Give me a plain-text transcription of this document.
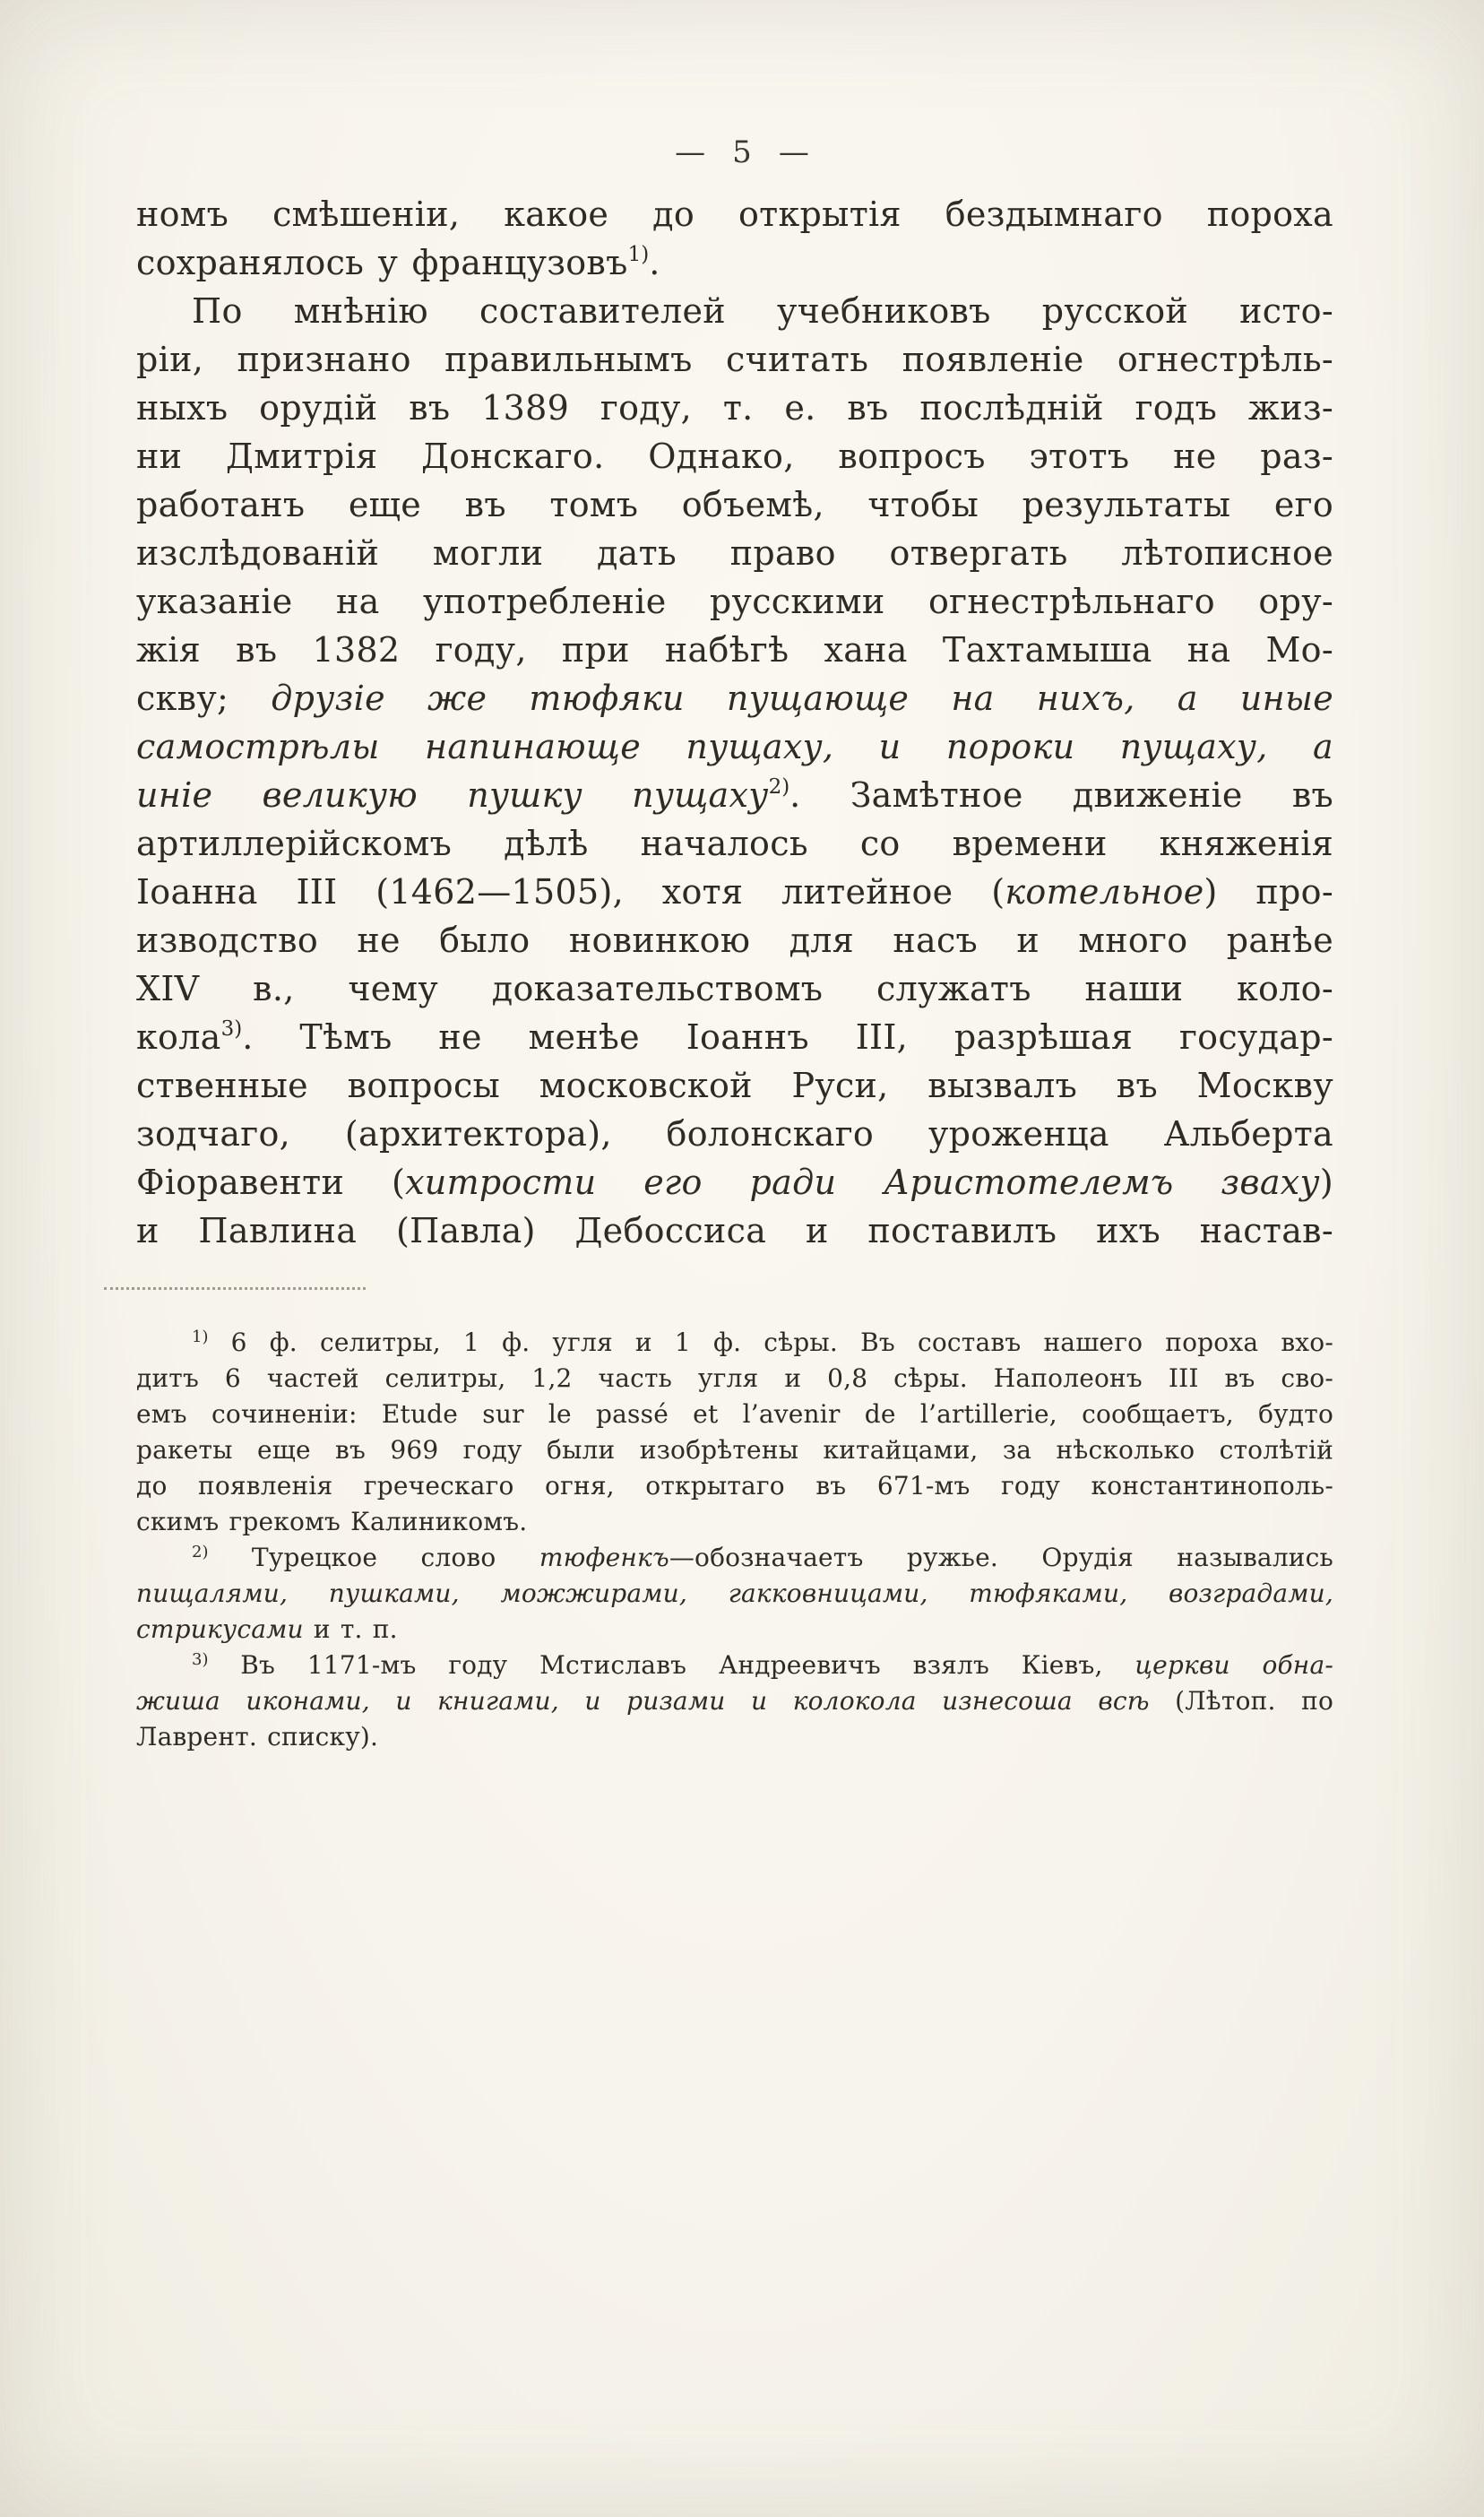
— 5 —
номъ смѣшеніи, какое до открытія бездымнаго пороха
сохранялось у французовъ$^{1)}$.
По мнѣнію составителей учебниковъ русской исто-
ріи, признано правильнымъ считать появленіе огнестрѣль-
ныхъ орудій въ 1389 году, т. е. въ послѣдній годъ жиз-
ни Дмитрія Донскаго. Однако, вопросъ этотъ не раз-
работанъ еще въ томъ объемѣ, чтобы результаты его
изслѣдованій могли дать право отвергать лѣтописное
указаніе на употребленіе русскими огнестрѣльнаго ору-
жія въ 1382 году, при набѣгѣ хана Тахтамыша на Мо-
скву; друзіе же тюфяки пущающе на нихъ, а иные
самострѣлы напинающе пущаху, и пороки пущаху, а
иніе великую пушку пущаху$^{2)}$. Замѣтное движеніе въ
артиллерійскомъ дѣлѣ началось со времени княженія
Іоанна III (1462—1505), хотя литейное (котельное) про-
изводство не было новинкою для насъ и много ранѣе
XIV в., чему доказательствомъ служатъ наши коло-
кола$^{3)}$. Тѣмъ не менѣе Іоаннъ III, разрѣшая государ-
ственные вопросы московской Руси, вызвалъ въ Москву
зодчаго, (архитектора), болонскаго уроженца Альберта
Фіоравенти (хитрости его ради Аристотелемъ зваху)
и Павлина (Павла) Дебоссиса и поставилъ ихъ настав-
$^{1)}$ 6 ф. селитры, 1 ф. угля и 1 ф. сѣры. Въ составъ нашего пороха вхо-
дитъ 6 частей селитры, 1,2 часть угля и 0,8 сѣры. Наполеонъ III въ сво-
емъ сочиненіи: Etude sur le passé et l’avenir de l’artillerie, сообщаетъ, будто
ракеты еще въ 969 году были изобрѣтены китайцами, за нѣсколько столѣтій
до появленія греческаго огня, открытаго въ 671-мъ году константинополь-
скимъ грекомъ Калиникомъ.
$^{2)}$ Турецкое слово тюфенкъ—обозначаетъ ружье. Орудія назывались
пищалями, пушками, можжирами, гакковницами, тюфяками, возградами,
стрикусами и т. п.
$^{3)}$ Въ 1171-мъ году Мстиславъ Андреевичъ взялъ Кіевъ, церкви обна-
жиша иконами, и книгами, и ризами и колокола изнесоша всѣ (Лѣтоп. по
Лаврент. списку).
